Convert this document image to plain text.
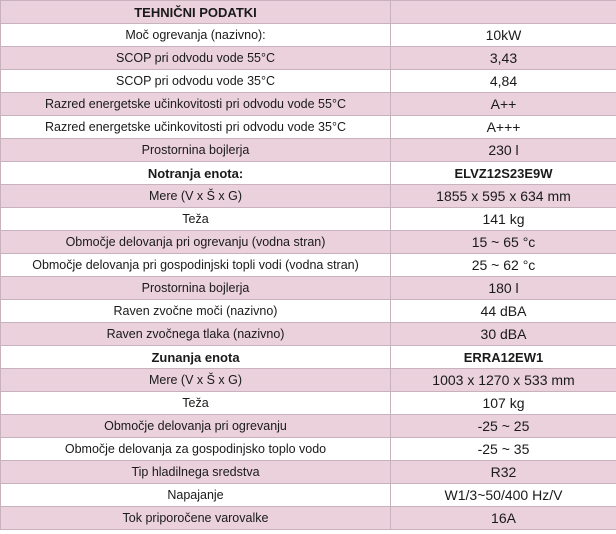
TEHNIČNI PODATKI	
Moč ogrevanja (nazivno):	10kW
SCOP pri odvodu vode 55°C	3,43
SCOP pri odvodu vode 35°C	4,84
Razred energetske učinkovitosti pri odvodu vode 55°C	A++
Razred energetske učinkovitosti pri odvodu vode 35°C	A+++
Prostornina bojlerja	230 l
Notranja enota:	ELVZ12S23E9W
Mere (V x Š x G)	1855 x 595 x 634 mm
Teža	141 kg
Območje delovanja pri ogrevanju (vodna stran)	15 ~ 65 °c
Območje delovanja pri gospodinjski topli vodi (vodna stran)	25 ~ 62 °c
Prostornina bojlerja	180 l
Raven zvočne moči (nazivno)	44 dBA
Raven zvočnega tlaka (nazivno)	30 dBA
Zunanja enota	ERRA12EW1
Mere (V x Š x G)	1003 x 1270 x 533 mm
Teža	107 kg
Območje delovanja pri ogrevanju	-25 ~ 25
Območje delovanja za gospodinjsko toplo vodo	-25 ~ 35
Tip hladilnega sredstva	R32
Napajanje	W1/3~50/400 Hz/V
Tok priporočene varovalke	16A
